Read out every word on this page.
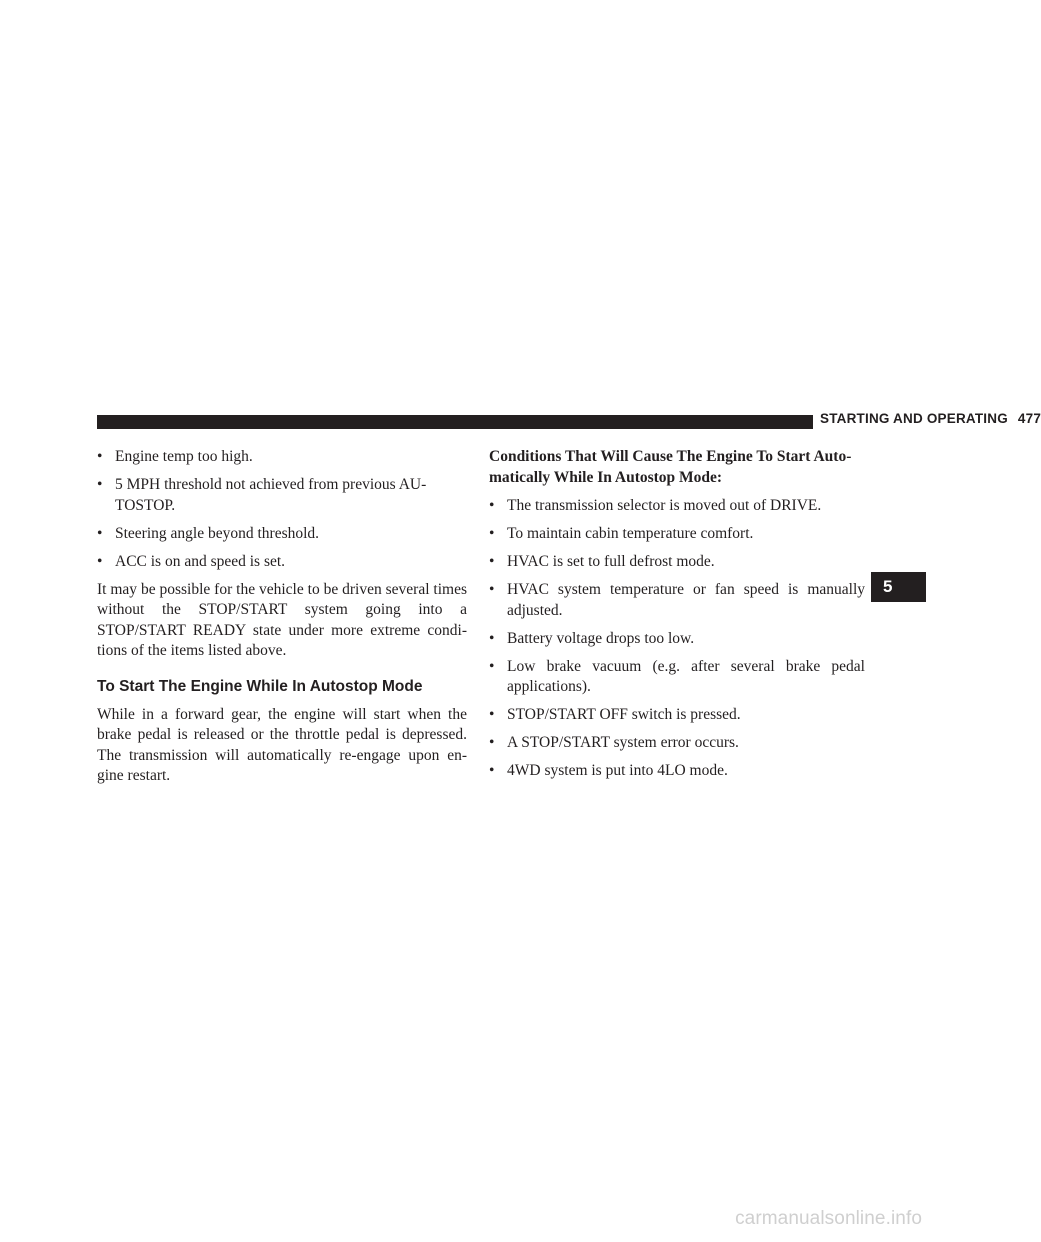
STARTING AND OPERATING 477
• Engine temp too high.
• 5 MPH threshold not achieved from previous AU-
TOSTOP.
• Steering angle beyond threshold.
• ACC is on and speed is set.

It may be possible for the vehicle to be driven several times without the STOP/START system going into a STOP/START READY state under more extreme condi- tions of the items listed above.

To Start The Engine While In Autostop Mode

While in a forward gear, the engine will start when the brake pedal is released or the throttle pedal is depressed. The transmission will automatically re-engage upon en- gine restart.

Conditions That Will Cause The Engine To Start Auto- matically While In Autostop Mode:
• The transmission selector is moved out of DRIVE.
• To maintain cabin temperature comfort.
• HVAC is set to full defrost mode.
• HVAC system temperature or fan speed is manually adjusted.
• Battery voltage drops too low.
• Low brake vacuum (e.g. after several brake pedal applications).
• STOP/START OFF switch is pressed.
• A STOP/START system error occurs.
• 4WD system is put into 4LO mode.
5
carmanualsonline.info
